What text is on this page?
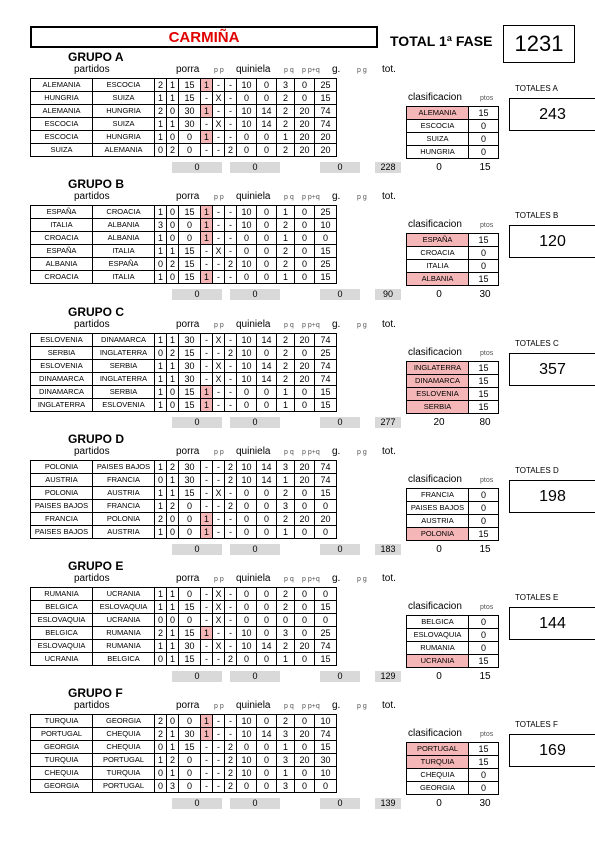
CARMIÑA	TOTAL 1ª FASE	1231
GRUPO A
partidos	porra p p quiniela p q p p+q g. p g tot.
ALEMANIA	ESCOCIA	2	1	15	1	-	-	10	0	3	0	25
HUNGRIA	SUIZA	1	1	15	-	X	-	0	0	2	0	15
ALEMANIA	HUNGRIA	2	0	30	1	-	-	10	14	2	20	74
ESCOCIA	SUIZA	1	1	30	-	X	-	10	14	2	20	74
ESCOCIA	HUNGRIA	1	0	0	1	-	-	0	0	1	20	20
SUIZA	ALEMANIA	0	2	0	-	-	2	0	0	2	20	20
0	0	0	228
clasificacion	ptos
ALEMANIA	15
ESCOCIA	0
SUIZA	0
HUNGRIA	0
0	15
TOTALES A
243
GRUPO B
partidos	porra p p quiniela p q p p+q g. p g tot.
ESPAÑA	CROACIA	1	0	15	1	-	-	10	0	1	0	25
ITALIA	ALBANIA	3	0	0	1	-	-	10	0	2	0	10
CROACIA	ALBANIA	1	0	0	1	-	-	0	0	1	0	0
ESPAÑA	ITALIA	1	1	15	-	X	-	0	0	2	0	15
ALBANIA	ESPAÑA	0	2	15	-	-	2	10	0	2	0	25
CROACIA	ITALIA	1	0	15	1	-	-	0	0	1	0	15
0	0	0	90
clasificacion	ptos
ESPAÑA	15
CROACIA	0
ITALIA	0
ALBANIA	15
0	30
TOTALES B
120
GRUPO C
partidos	porra p p quiniela p q p p+q g. p g tot.
ESLOVENIA	DINAMARCA	1	1	30	-	X	-	10	14	2	20	74
SERBIA	INGLATERRA	0	2	15	-	-	2	10	0	2	0	25
ESLOVENIA	SERBIA	1	1	30	-	X	-	10	14	2	20	74
DINAMARCA	INGLATERRA	1	1	30	-	X	-	10	14	2	20	74
DINAMARCA	SERBIA	1	0	15	1	-	-	0	0	1	0	15
INGLATERRA	ESLOVENIA	1	0	15	1	-	-	0	0	1	0	15
0	0	0	277
clasificacion	ptos
INGLATERRA	15
DINAMARCA	15
ESLOVENIA	15
SERBIA	15
20	80
TOTALES C
357
GRUPO D
partidos	porra p p quiniela p q p p+q g. p g tot.
POLONIA	PAISES BAJOS	1	2	30	-	-	2	10	14	3	20	74
AUSTRIA	FRANCIA	0	1	30	-	-	2	10	14	1	20	74
POLONIA	AUSTRIA	1	1	15	-	X	-	0	0	2	0	15
PAISES BAJOS	FRANCIA	1	2	0	-	-	2	0	0	3	0	0
FRANCIA	POLONIA	2	0	0	1	-	-	0	0	2	20	20
PAISES BAJOS	AUSTRIA	1	0	0	1	-	-	0	0	1	0	0
0	0	0	183
clasificacion	ptos
FRANCIA	0
PAISES BAJOS	0
AUSTRIA	0
POLONIA	15
0	15
TOTALES D
198
GRUPO E
partidos	porra p p quiniela p q p p+q g. p g tot.
RUMANIA	UCRANIA	1	1	0	-	X	-	0	0	2	0	0
BELGICA	ESLOVAQUIA	1	1	15	-	X	-	0	0	2	0	15
ESLOVAQUIA	UCRANIA	0	0	0	-	X	-	0	0	0	0	0
BELGICA	RUMANIA	2	1	15	1	-	-	10	0	3	0	25
ESLOVAQUIA	RUMANIA	1	1	30	-	X	-	10	14	2	20	74
UCRANIA	BELGICA	0	1	15	-	-	2	0	0	1	0	15
0	0	0	129
clasificacion	ptos
BELGICA	0
ESLOVAQUIA	0
RUMANIA	0
UCRANIA	15
0	15
TOTALES E
144
GRUPO F
partidos	porra p p quiniela p q p p+q g. p g tot.
TURQUIA	GEORGIA	2	0	0	1	-	-	10	0	2	0	10
PORTUGAL	CHEQUIA	2	1	30	1	-	-	10	14	3	20	74
GEORGIA	CHEQUIA	0	1	15	-	-	2	0	0	1	0	15
TURQUIA	PORTUGAL	1	2	0	-	-	2	10	0	3	20	30
CHEQUIA	TURQUIA	0	1	0	-	-	2	10	0	1	0	10
GEORGIA	PORTUGAL	0	3	0	-	-	2	0	0	3	0	0
0	0	0	139
clasificacion	ptos
PORTUGAL	15
TURQUIA	15
CHEQUIA	0
GEORGIA	0
0	30
TOTALES F
169
